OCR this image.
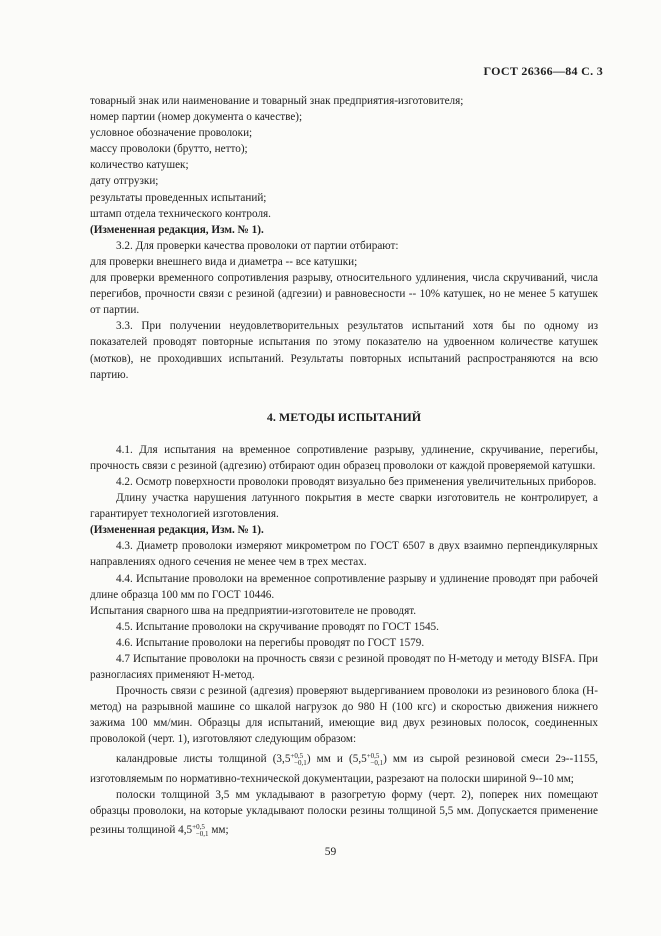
ГОСТ 26366—84 С. 3

товарный знак или наименование и товарный знак предприятия-изготовителя;

номер партии (номер документа о качестве);

условное обозначение проволоки;

массу проволоки (брутто, нетто);

количество катушек;

дату отгрузки;

результаты проведенных испытаний;

штамп отдела технического контроля.

(Измененная редакция, Изм. № 1).

3.2. Для проверки качества проволоки от партии отбирают:

для проверки внешнего вида и диаметра -- все катушки;

для проверки временного сопротивления разрыву, относительного удлинения, числа скручиваний, числа перегибов, прочности связи с резиной (адгезии) и равновесности -- 10% катушек, но не менее 5 катушек от партии.

3.3. При получении неудовлетворительных результатов испытаний хотя бы по одному из показателей проводят повторные испытания по этому показателю на удвоенном количестве катушек (мотков), не проходивших испытаний. Результаты повторных испытаний распространяются на всю партию.

4. МЕТОДЫ ИСПЫТАНИЙ

4.1. Для испытания на временное сопротивление разрыву, удлинение, скручивание, перегибы, прочность связи с резиной (адгезию) отбирают один образец проволоки от каждой проверяемой катушки.

4.2. Осмотр поверхности проволоки проводят визуально без применения увеличительных приборов.

Длину участка нарушения латунного покрытия в месте сварки изготовитель не контролирует, а гарантирует технологией изготовления.

(Измененная редакция, Изм. № 1).

4.3. Диаметр проволоки измеряют микрометром по ГОСТ 6507 в двух взаимно перпендикулярных направлениях одного сечения не менее чем в трех местах.

4.4. Испытание проволоки на временное сопротивление разрыву и удлинение проводят при рабочей длине образца 100 мм по ГОСТ 10446.

Испытания сварного шва на предприятии-изготовителе не проводят.

4.5. Испытание проволоки на скручивание проводят по ГОСТ 1545.

4.6. Испытание проволоки на перегибы проводят по ГОСТ 1579.

4.7 Испытание проволоки на прочность связи с резиной проводят по Н-методу и методу BISFA. При разногласиях применяют Н-метод.

Прочность связи с резиной (адгезия) проверяют выдергиванием проволоки из резинового блока (Н-метод) на разрывной машине со шкалой нагрузок до 980 Н (100 кгс) и скоростью движения нижнего зажима 100 мм/мин. Образцы для испытаний, имеющие вид двух резиновых полосок, соединенных проволокой (черт. 1), изготовляют следующим образом:

каландровые листы толщиной $(3,5^{+0,5}_{-0,1})$ мм и $(5,5^{+0,5}_{-0,1})$ мм из сырой резиновой смеси 2э--1155, изготовляемым по нормативно-технической документации, разрезают на полоски шириной 9--10 мм;

полоски толщиной 3,5 мм укладывают в разогретую форму (черт. 2), поперек них помещают образцы проволоки, на которые укладывают полоски резины толщиной 5,5 мм. Допускается применение резины толщиной $4,5^{+0,5}_{-0,1}$ мм;

59
